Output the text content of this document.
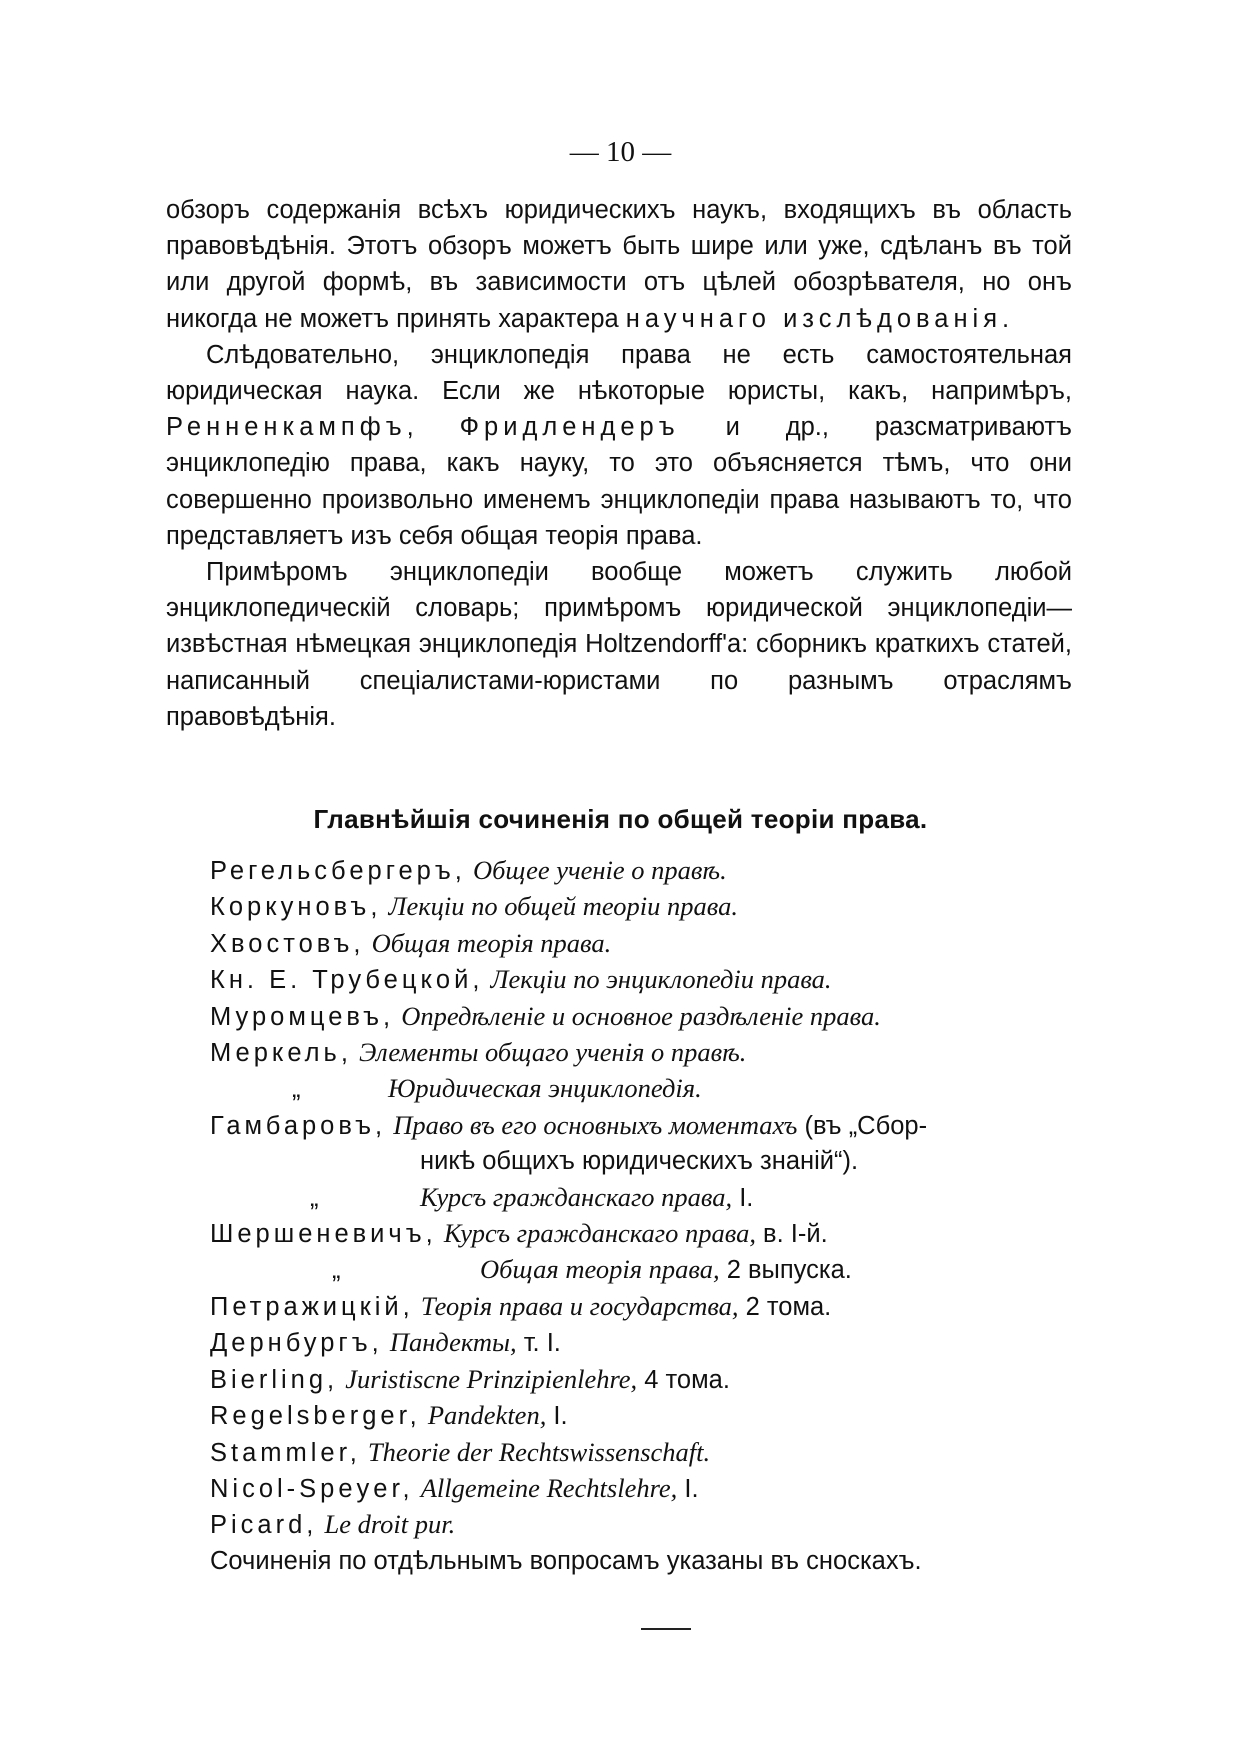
— 10 —

обзоръ содержанія всѣхъ юридическихъ наукъ, входящихъ въ область правовѣдѣнія. Этотъ обзоръ можетъ быть шире или уже, сдѣланъ въ той или другой формѣ, въ зависимости отъ цѣлей обозрѣвателя, но онъ никогда не можетъ принять характера научнаго изслѣдованія.

Слѣдовательно, энциклопедія права не есть самостоятельная юридическая наука. Если же нѣкоторые юристы, какъ, напримѣръ, Ренненкампфъ, Фридлендеръ и др., разсматриваютъ энциклопедію права, какъ науку, то это объясняется тѣмъ, что они совершенно произвольно именемъ энциклопедіи права называютъ то, что представляетъ изъ себя общая теорія права.

Примѣромъ энциклопедіи вообще можетъ служить любой энциклопедическій словарь; примѣромъ юридической энциклопедіи—извѣстная нѣмецкая энциклопедія Holtzendorff'а: сборникъ краткихъ статей, написанный спеціалистами-юристами по разнымъ отраслямъ правовѣдѣнія.

Главнѣйшія сочиненія по общей теоріи права.
Регельсбергеръ, Общее ученіе о правѣ.
Коркуновъ, Лекціи по общей теоріи права.
Хвостовъ, Общая теорія права.
Кн. Е. Трубецкой, Лекціи по энциклопедіи права.
Муромцевъ, Опредѣленіе и основное раздѣленіе права.
Меркель, Элементы общаго ученія о правѣ.
„	Юридическая энциклопедія.
Гамбаровъ, Право въ его основныхъ моментахъ (въ „Сбор-
никѣ общихъ юридическихъ знаній“).
„	Курсъ гражданскаго права, I.
Шершеневичъ, Курсъ гражданскаго права, в. I-й.
„	Общая теорія права, 2 выпуска.
Петражицкій, Теорія права и государства, 2 тома.
Дернбургъ, Пандекты, т. I.
Bierling, Juristiscne Prinzipienlehre, 4 тома.
Regelsberger, Pandekten, I.
Stammler, Theorie der Rechtswissenschaft.
Nicol-Speyer, Allgemeine Rechtslehre, I.
Picard, Le droit pur.
Сочиненія по отдѣльнымъ вопросамъ указаны въ сноскахъ.
